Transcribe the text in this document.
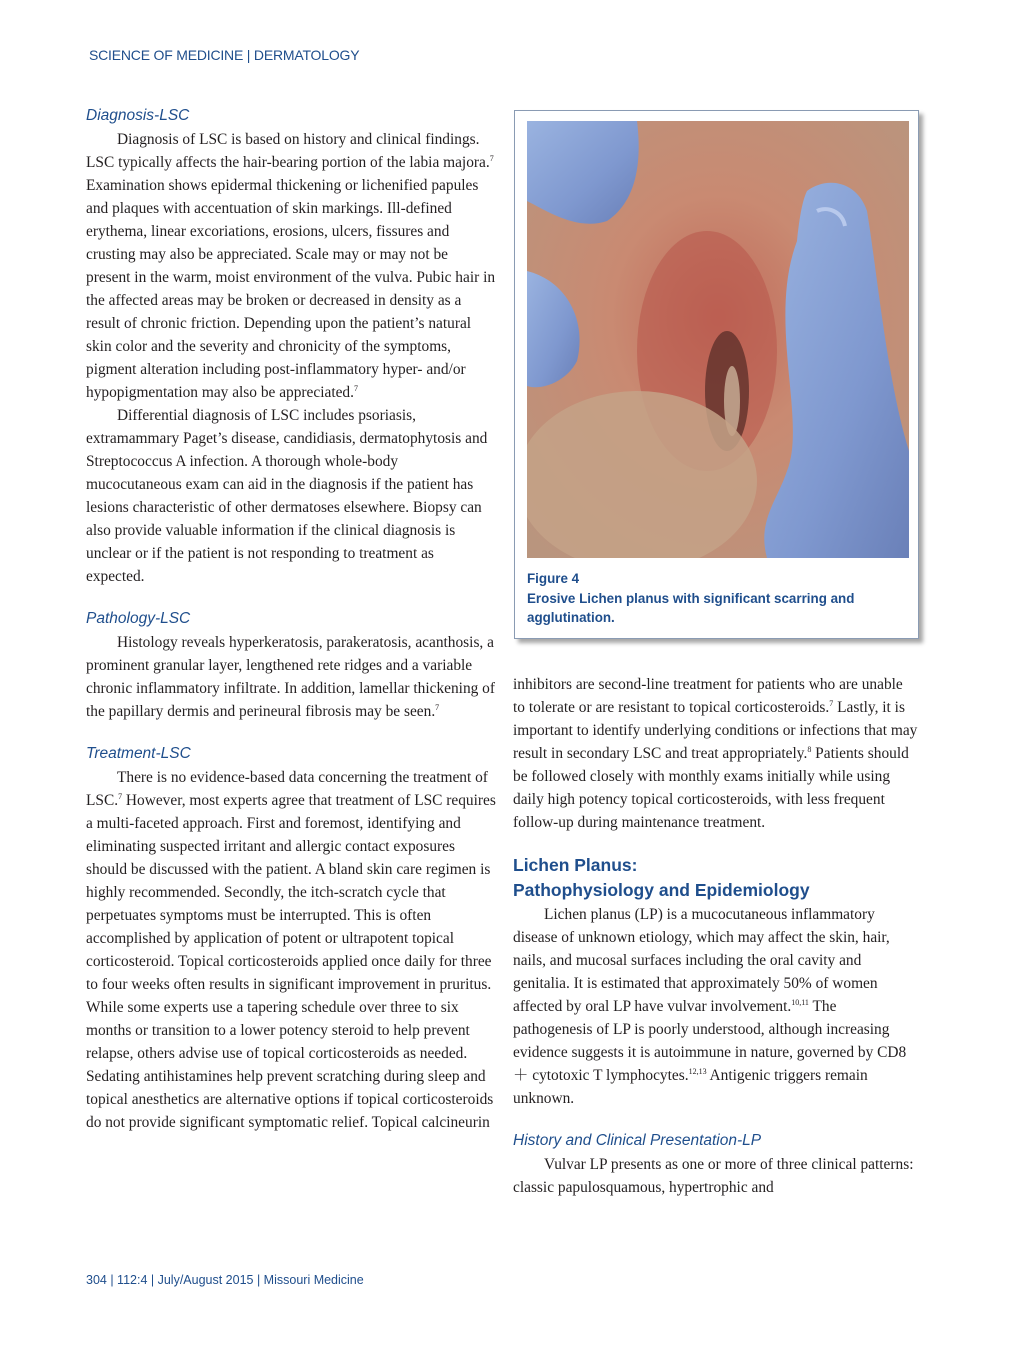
SCIENCE OF MEDICINE | DERMATOLOGY
Diagnosis-LSC

Diagnosis of LSC is based on history and clinical findings. LSC typically affects the hair-bearing portion of the labia majora.$^7$ Examination shows epidermal thickening or lichenified papules and plaques with accentuation of skin markings. Ill-defined erythema, linear excoriations, erosions, ulcers, fissures and crusting may also be appreciated. Scale may or may not be present in the warm, moist environment of the vulva. Pubic hair in the affected areas may be broken or decreased in density as a result of chronic friction. Depending upon the patient’s natural skin color and the severity and chronicity of the symptoms, pigment alteration including post-inflammatory hyper- and/or hypopigmentation may also be appreciated.$^7$

Differential diagnosis of LSC includes psoriasis, extramammary Paget’s disease, candidiasis, dermatophytosis and Streptococcus A infection. A thorough whole-body mucocutaneous exam can aid in the diagnosis if the patient has lesions characteristic of other dermatoses elsewhere. Biopsy can also provide valuable information if the clinical diagnosis is unclear or if the patient is not responding to treatment as expected.

Pathology-LSC

Histology reveals hyperkeratosis, parakeratosis, acanthosis, a prominent granular layer, lengthened rete ridges and a variable chronic inflammatory infiltrate. In addition, lamellar thickening of the papillary dermis and perineural fibrosis may be seen.$^7$

Treatment-LSC

There is no evidence-based data concerning the treatment of LSC.$^7$ However, most experts agree that treatment of LSC requires a multi-faceted approach. First and foremost, identifying and eliminating suspected irritant and allergic contact exposures should be discussed with the patient. A bland skin care regimen is highly recommended. Secondly, the itch-scratch cycle that perpetuates symptoms must be interrupted. This is often accomplished by application of potent or ultrapotent topical corticosteroid. Topical corticosteroids applied once daily for three to four weeks often results in significant improvement in pruritus. While some experts use a tapering schedule over three to six months or transition to a lower potency steroid to help prevent relapse, others advise use of topical corticosteroids as needed. Sedating antihistamines help prevent scratching during sleep and topical anesthetics are alternative options if topical corticosteroids do not provide significant symptomatic relief. Topical calcineurin

Figure 4
Erosive Lichen planus with significant scarring and agglutination.

inhibitors are second-line treatment for patients who are unable to tolerate or are resistant to topical corticosteroids.$^7$ Lastly, it is important to identify underlying conditions or infections that may result in secondary LSC and treat appropriately.$^8$ Patients should be followed closely with monthly exams initially while using daily high potency topical corticosteroids, with less frequent follow-up during maintenance treatment.

Lichen Planus:
Pathophysiology and Epidemiology

Lichen planus (LP) is a mucocutaneous inflammatory disease of unknown etiology, which may affect the skin, hair, nails, and mucosal surfaces including the oral cavity and genitalia. It is estimated that approximately 50% of women affected by oral LP have vulvar involvement.$^{10,11}$ The pathogenesis of LP is poorly understood, although increasing evidence suggests it is autoimmune in nature, governed by CD8＋ cytotoxic T lymphocytes.$^{12,13}$ Antigenic triggers remain unknown.

History and Clinical Presentation-LP

Vulvar LP presents as one or more of three clinical patterns: classic papulosquamous, hypertrophic and

304 | 112:4 | July/August 2015 | Missouri Medicine
